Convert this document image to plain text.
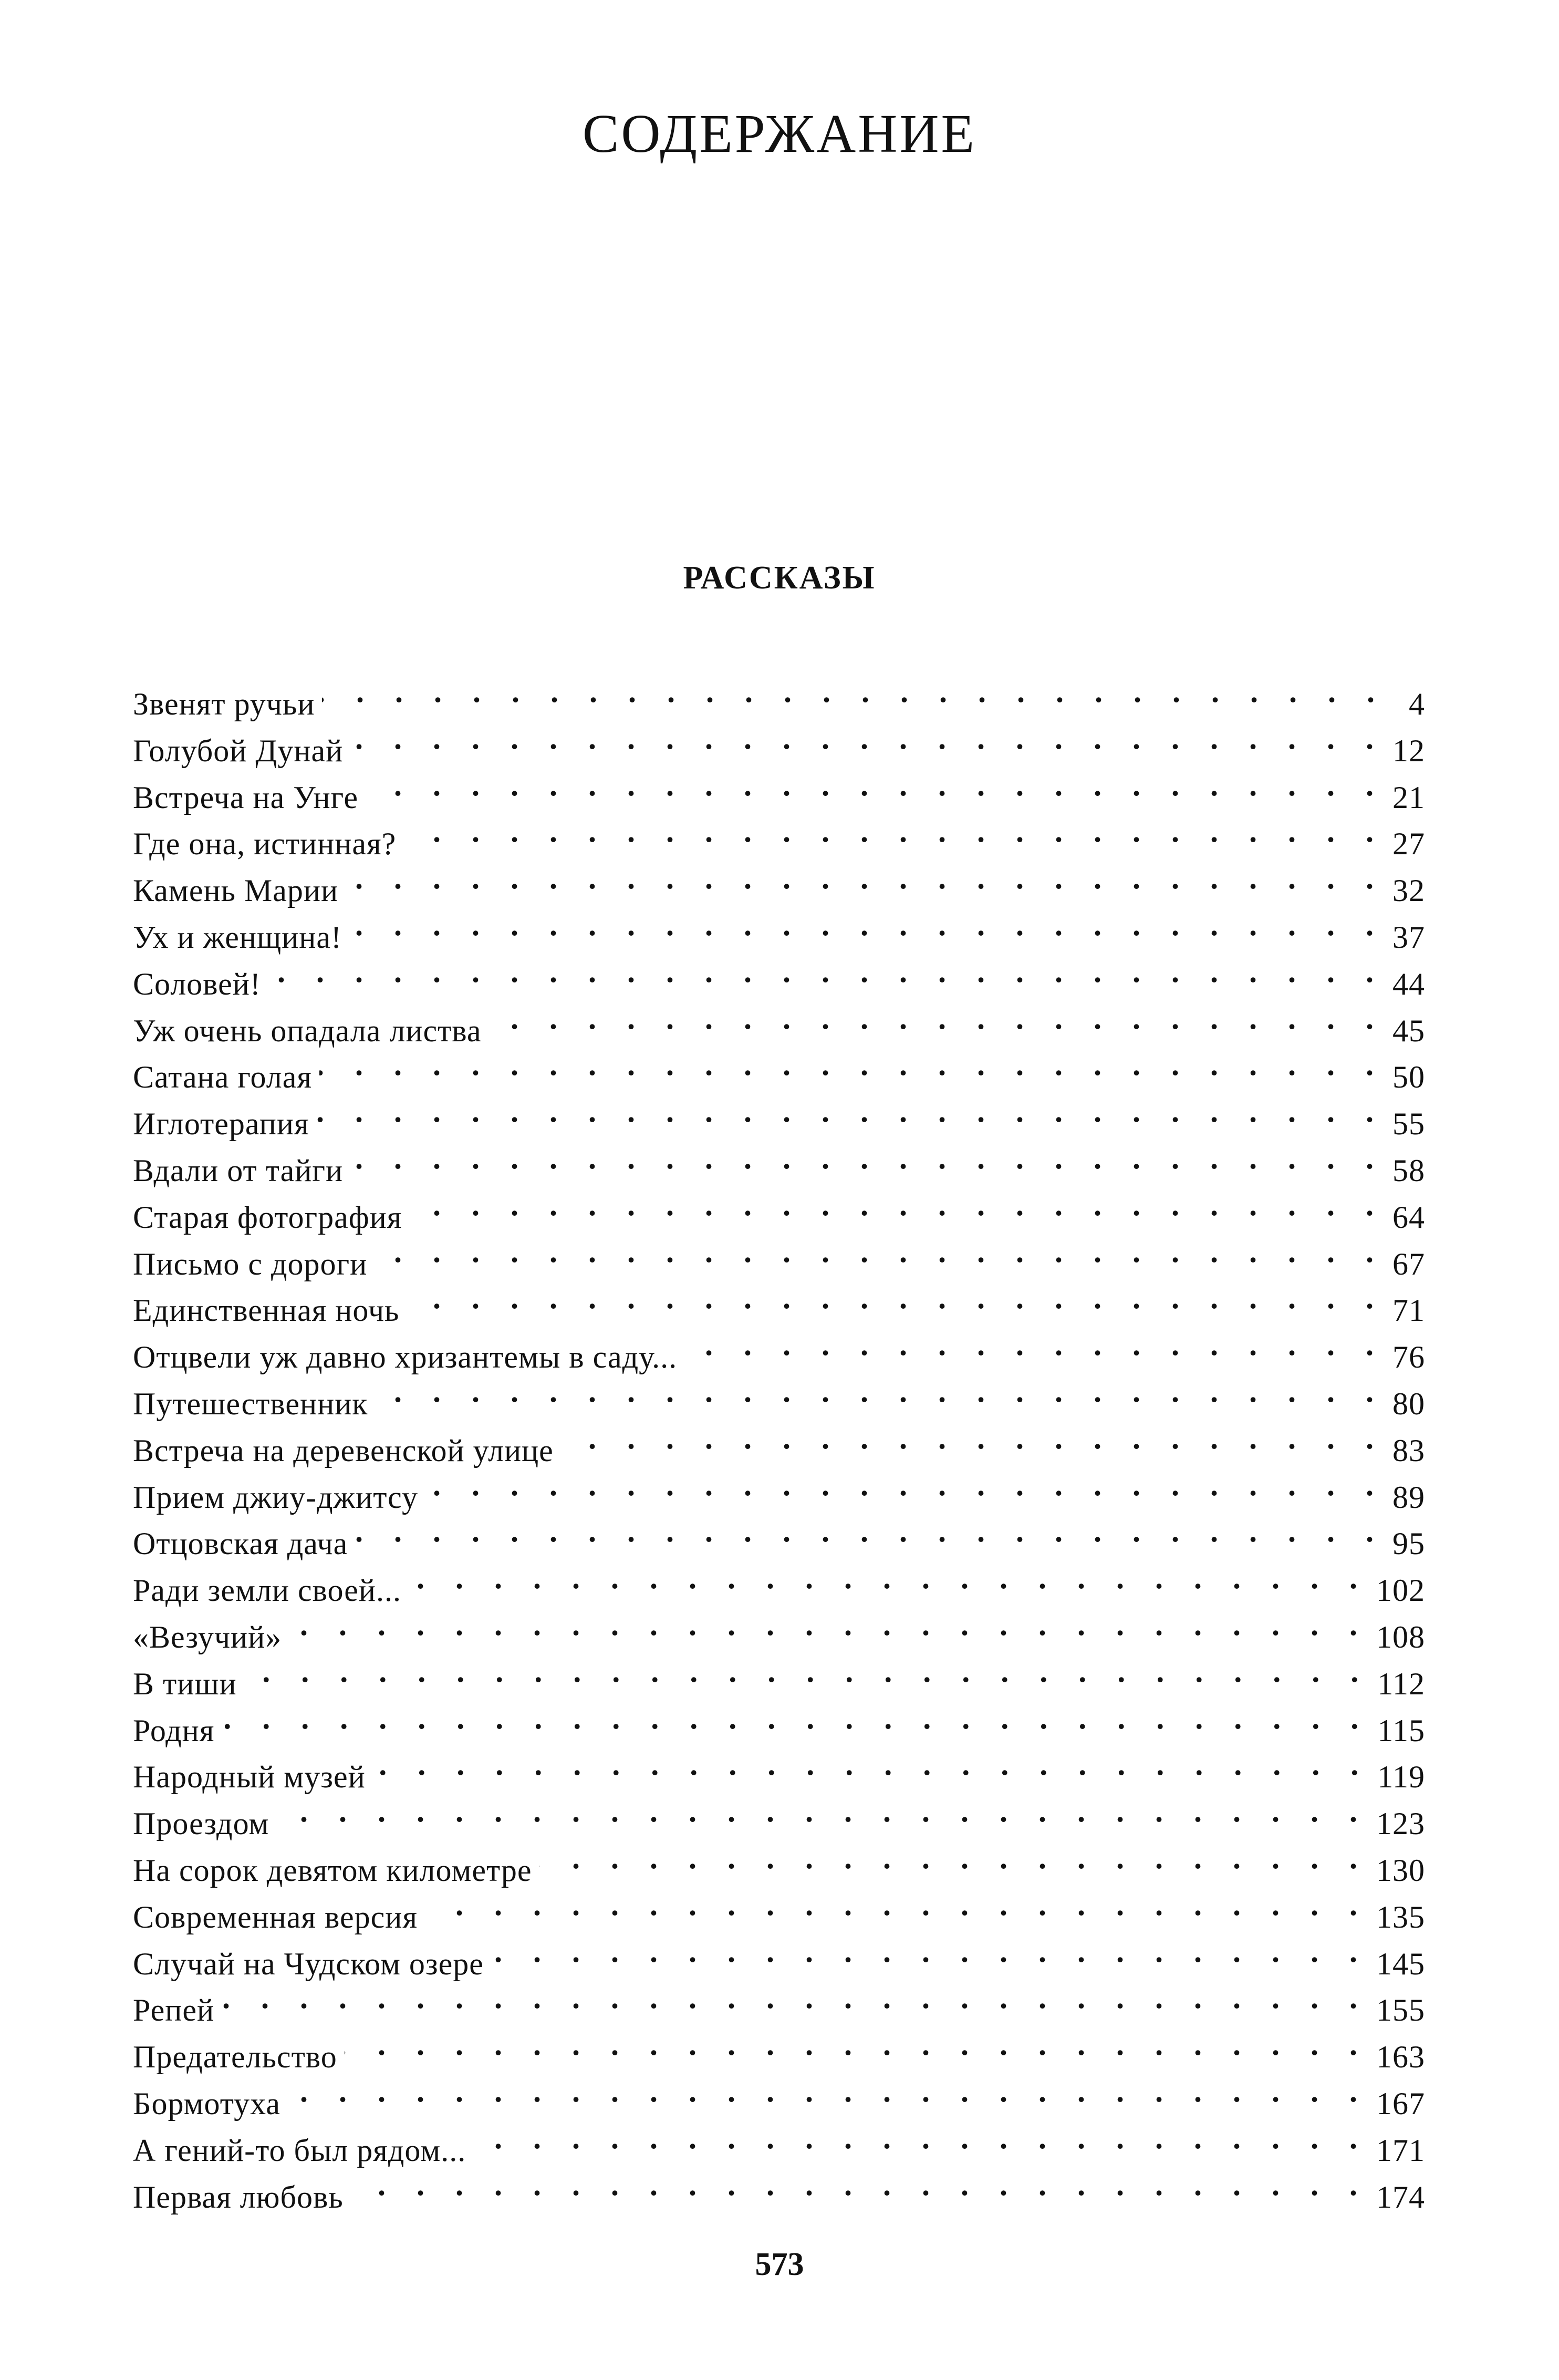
СОДЕРЖАНИЕ
РАССКАЗЫ
Звенят ручьи . . .	4
Голубой Дунай . . .	12
Встреча на Унге . . .	21
Где она, истинная? . . .	27
Камень Марии . . .	32
Ух и женщина! . . .	37
Соловей! . . .	44
Уж очень опадала листва . . .	45
Сатана голая . . .	50
Иглотерапия . . .	55
Вдали от тайги . . .	58
Старая фотография . . .	64
Письмо с дороги . . .	67
Единственная ночь . . .	71
Отцвели уж давно хризантемы в саду... . . .	76
Путешественник . . .	80
Встреча на деревенской улице . . .	83
Прием джиу-джитсу . . .	89
Отцовская дача . . .	95
Ради земли своей... . . .	102
«Везучий» . . .	108
В тиши . . .	112
Родня . . .	115
Народный музей . . .	119
Проездом . . .	123
На сорок девятом километре . . .	130
Современная версия . . .	135
Случай на Чудском озере . . .	145
Репей . . .	155
Предательство . . .	163
Бормотуха . . .	167
А гений-то был рядом... . . .	171
Первая любовь . . .	174
573
